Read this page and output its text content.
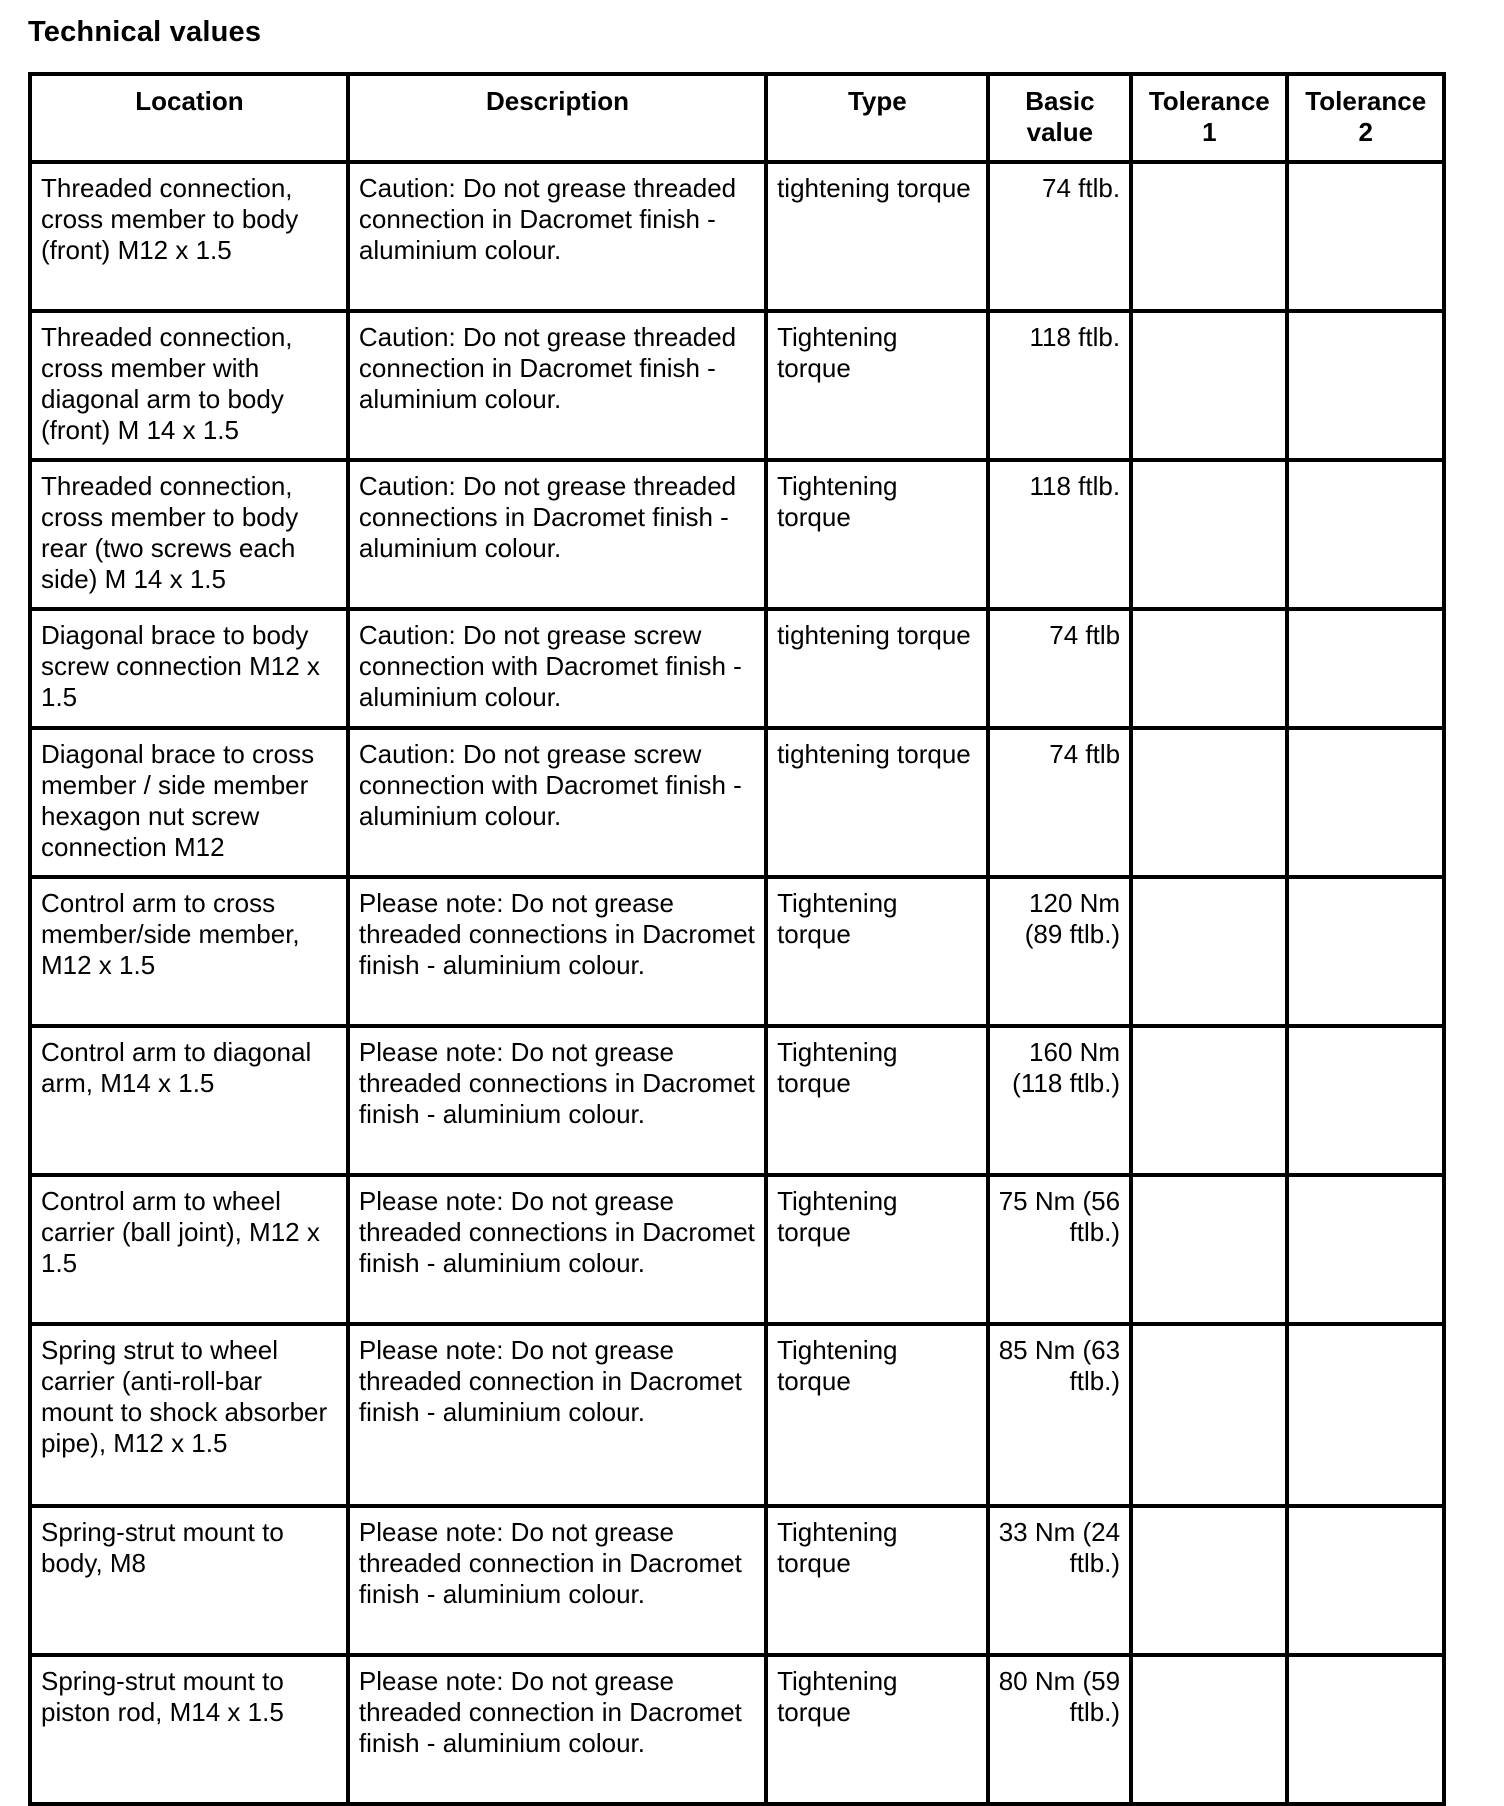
Technical values
Location	Description	Type	Basic value	Tolerance 1	Tolerance 2
Threaded connection, cross member to body (front) M12 x 1.5	Caution: Do not grease threaded connection in Dacromet finish - aluminium colour.	tightening torque	74 ftlb.		
Threaded connection, cross member with diagonal arm to body (front) M 14 x 1.5	Caution: Do not grease threaded connection in Dacromet finish - aluminium colour.	Tightening torque	118 ftlb.		
Threaded connection, cross member to body rear (two screws each side) M 14 x 1.5	Caution: Do not grease threaded connections in Dacromet finish - aluminium colour.	Tightening torque	118 ftlb.		
Diagonal brace to body screw connection M12 x 1.5	Caution: Do not grease screw connection with Dacromet finish - aluminium colour.	tightening torque	74 ftlb		
Diagonal brace to cross member / side member hexagon nut screw connection M12	Caution: Do not grease screw connection with Dacromet finish - aluminium colour.	tightening torque	74 ftlb		
Control arm to cross member/side member, M12 x 1.5	Please note: Do not grease threaded connections in Dacromet finish - aluminium colour.	Tightening torque	120 Nm (89 ftlb.)		
Control arm to diagonal arm, M14 x 1.5	Please note: Do not grease threaded connections in Dacromet finish - aluminium colour.	Tightening torque	160 Nm (118 ftlb.)		
Control arm to wheel carrier (ball joint), M12 x 1.5	Please note: Do not grease threaded connections in Dacromet finish - aluminium colour.	Tightening torque	75 Nm (56 ftlb.)		
Spring strut to wheel carrier (anti-roll-bar mount to shock absorber pipe), M12 x 1.5	Please note: Do not grease threaded connection in Dacromet finish - aluminium colour.	Tightening torque	85 Nm (63 ftlb.)		
Spring-strut mount to body, M8	Please note: Do not grease threaded connection in Dacromet finish - aluminium colour.	Tightening torque	33 Nm (24 ftlb.)		
Spring-strut mount to piston rod, M14 x 1.5	Please note: Do not grease threaded connection in Dacromet finish - aluminium colour.	Tightening torque	80 Nm (59 ftlb.)		
